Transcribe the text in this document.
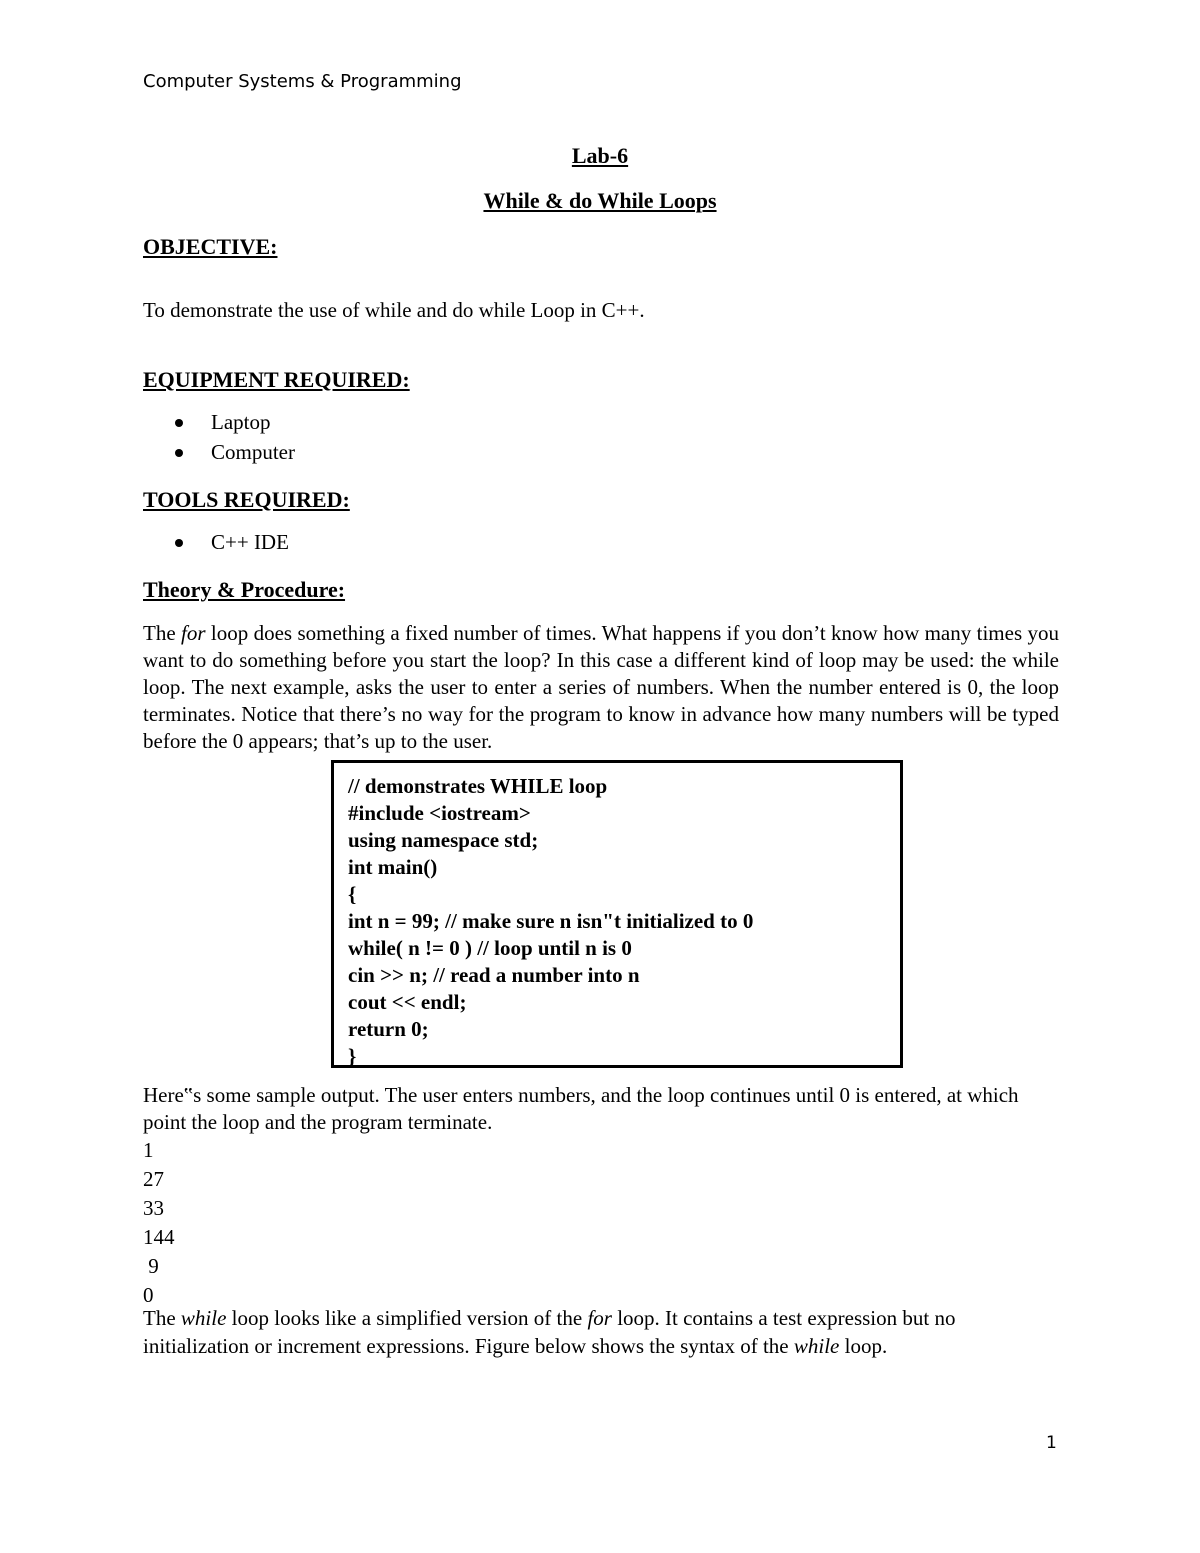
Computer Systems & Programming
Lab-6
While & do While Loops
OBJECTIVE:
To demonstrate the use of while and do while Loop in C++.
EQUIPMENT REQUIRED:
Laptop
Computer
TOOLS REQUIRED:
C++ IDE
Theory & Procedure:
The for loop does something a fixed number of times. What happens if you don’t know how many times you want to do something before you start the loop? In this case a different kind of loop may be used: the while loop. The next example, asks the user to enter a series of numbers. When the number entered is 0, the loop terminates. Notice that there’s no way for the program to know in advance how many numbers will be typed before the 0 appears; that’s up to the user.
// demonstrates WHILE loop
#include <iostream>
using namespace std;
int main()
{
int n = 99; // make sure n isn"t initialized to 0
while( n != 0 ) // loop until n is 0
cin >> n; // read a number into n
cout << endl;
return 0;
}
Here‟s some sample output. The user enters numbers, and the loop continues until 0 is entered, at which point the loop and the program terminate.
1
27
33
144
9
0
The while loop looks like a simplified version of the for loop. It contains a test expression but no initialization or increment expressions. Figure below shows the syntax of the while loop.
1
